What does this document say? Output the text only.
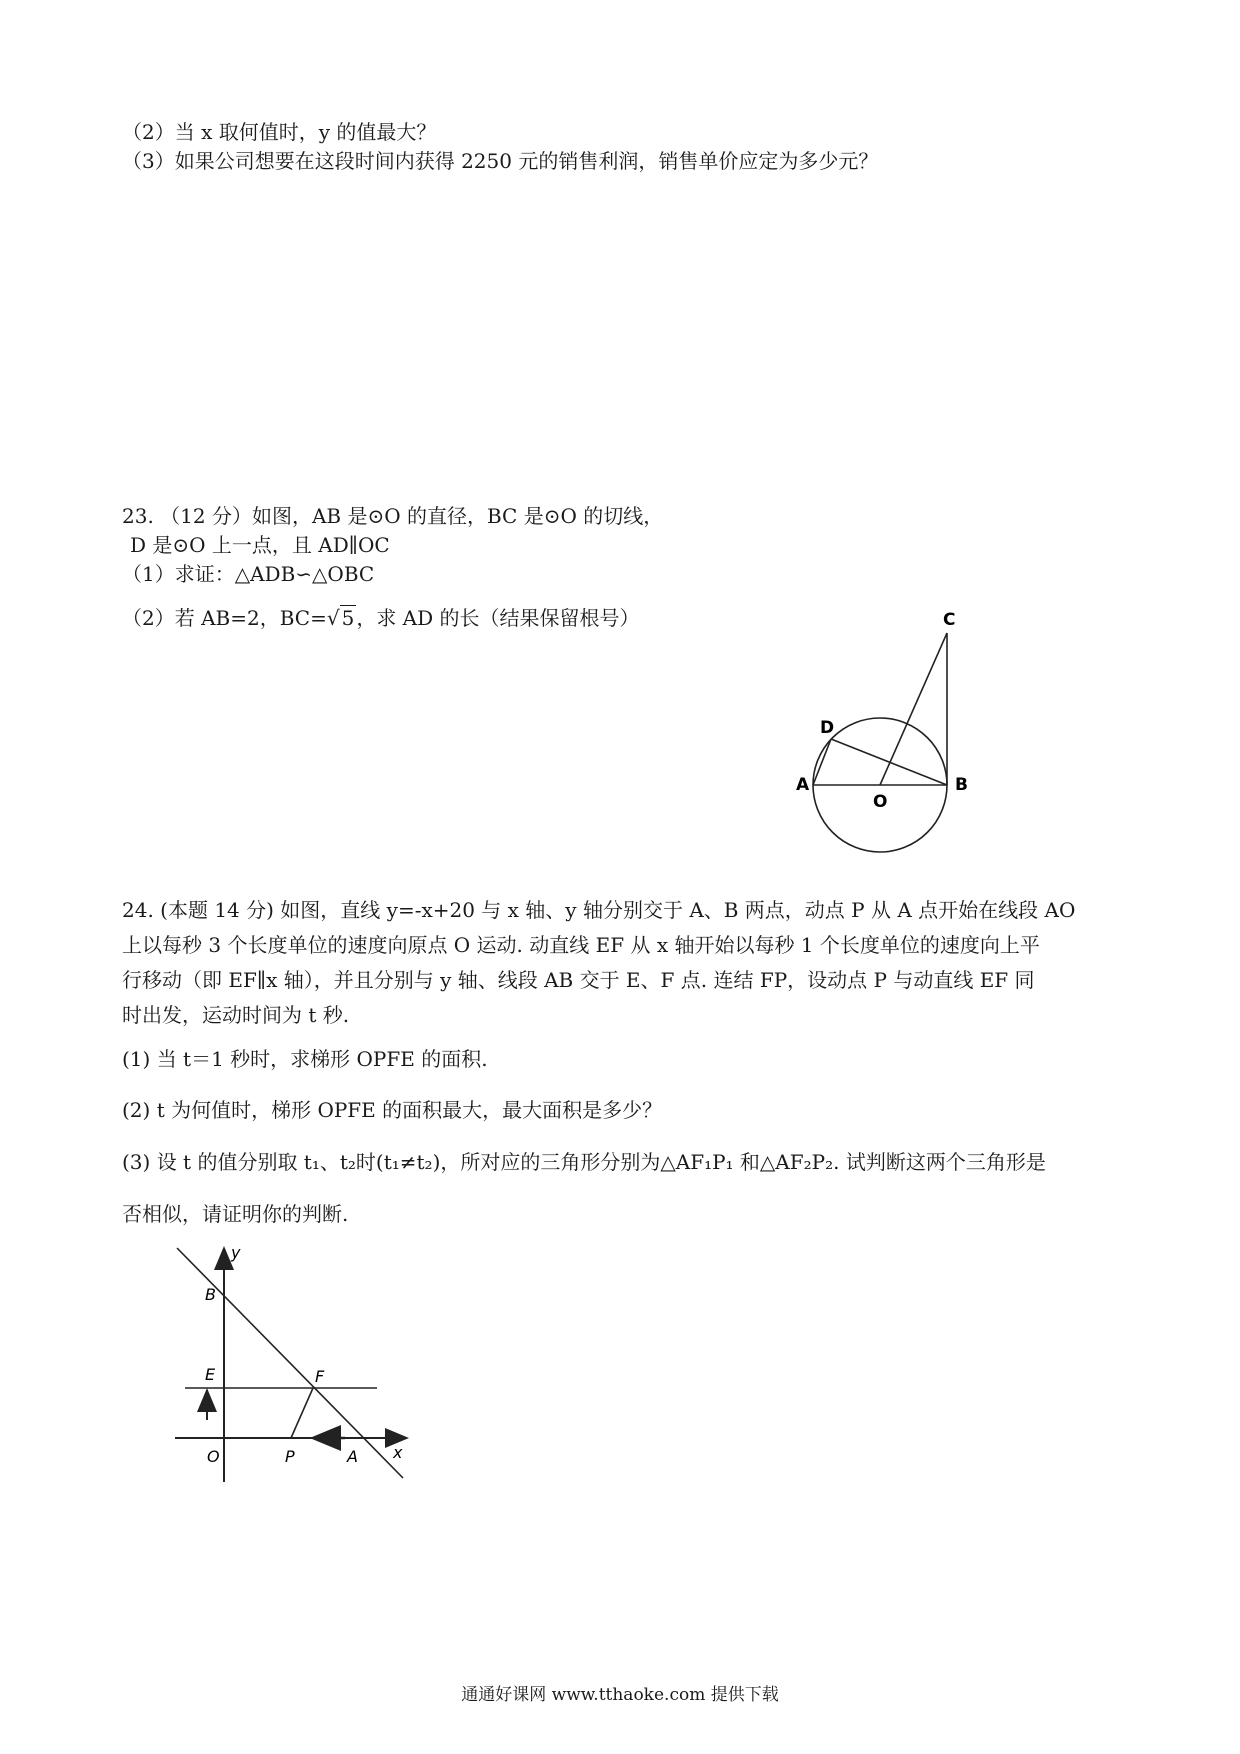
（2）当 x 取何值时，y 的值最大？
（3）如果公司想要在这段时间内获得 2250 元的销售利润，销售单价应定为多少元？
23. （12 分）如图，AB 是⊙O 的直径，BC 是⊙O 的切线，
D 是⊙O 上一点，且 AD∥OC
（1）求证：△ADB∽△OBC
（2）若 AB=2，BC=√ 5 ，求 AD 的长（结果保留根号）	C
D
A	B
O
24. (本题 14 分) 如图，直线 y=-x+20 与 x 轴、y 轴分别交于 A、B 两点，动点 P 从 A 点开始在线段 AO
上以每秒 3 个长度单位的速度向原点 O 运动. 动直线 EF 从 x 轴开始以每秒 1 个长度单位的速度向上平
行移动（即 EF∥x 轴），并且分别与 y 轴、线段 AB 交于 E、F 点. 连结 FP，设动点 P 与动直线 EF 同
时出发，运动时间为 t 秒.
(1) 当 t＝1 秒时，求梯形 OPFE 的面积.
(2) t 为何值时，梯形 OPFE 的面积最大，最大面积是多少？
(3) 设 t 的值分别取 t₁、t₂时(t₁≠t₂)，所对应的三角形分别为△AF₁P₁ 和△AF₂P₂. 试判断这两个三角形是
否相似，请证明你的判断.
y
B
E	F
O	P	A x
通通好课网 www.tthaoke.com 提供下载
